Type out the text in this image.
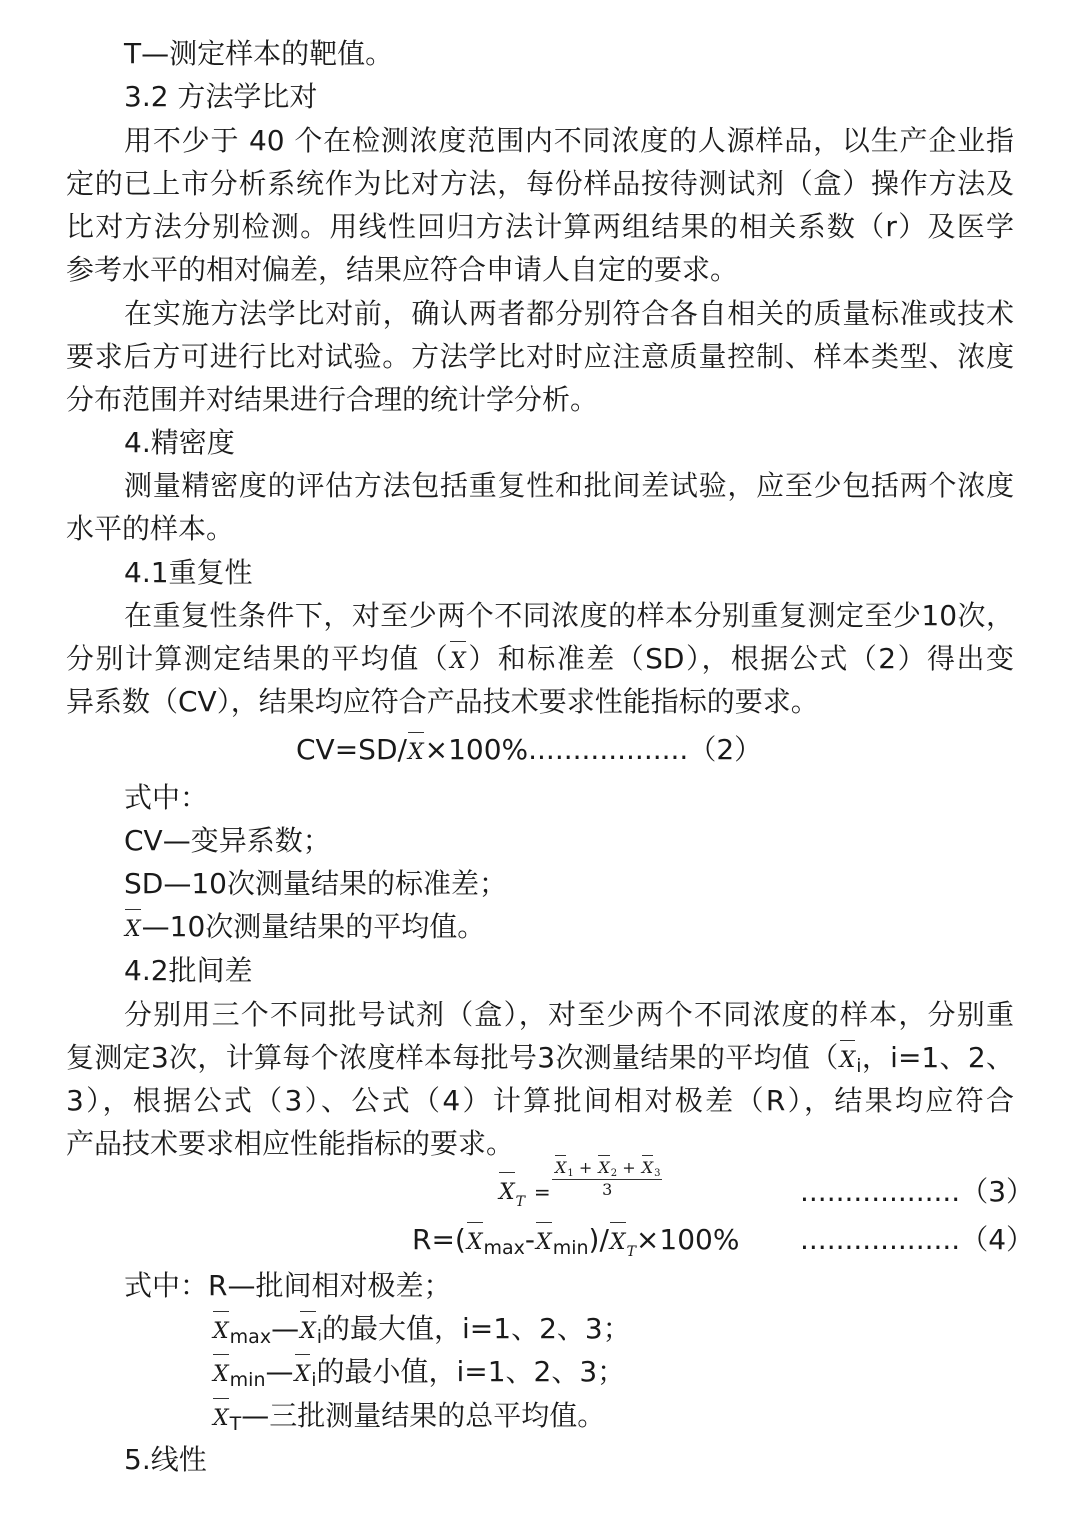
T—测定样本的靶值。
3.2 方法学比对
用不少于 40 个在检测浓度范围内不同浓度的人源样品，以生产企业指
定的已上市分析系统作为比对方法，每份样品按待测试剂（盒）操作方法及
比对方法分别检测。用线性回归方法计算两组结果的相关系数（r）及医学
参考水平的相对偏差，结果应符合申请人自定的要求。
在实施方法学比对前，确认两者都分别符合各自相关的质量标准或技术
要求后方可进行比对试验。方法学比对时应注意质量控制、样本类型、浓度
分布范围并对结果进行合理的统计学分析。
4.精密度
测量精密度的评估方法包括重复性和批间差试验，应至少包括两个浓度
水平的样本。
4.1重复性
在重复性条件下，对至少两个不同浓度的样本分别重复测定至少10次，
分别计算测定结果的平均值（X）和标准差（SD），根据公式（2）得出变
异系数（CV），结果均应符合产品技术要求性能指标的要求。
CV=SD/X×100%..................（2）
式中：
CV—变异系数；
SD—10次测量结果的标准差；
X—10次测量结果的平均值。
4.2批间差
分别用三个不同批号试剂（盒），对至少两个不同浓度的样本，分别重
复测定3次，计算每个浓度样本每批号3次测量结果的平均值（$X_i$，i=1、2、
3），根据公式（3）、公式（4）计算批间相对极差（R），结果均应符合
产品技术要求相应性能指标的要求。
$X_T = \frac{X1 + X2 + X3}{3}$	..................（3）
$R=(X_{max}-X_{min})/X_T\times 100\%$ ..................（4）
式中：R—批间相对极差；
$X_{max}—X_i$的最大值，i=1、2、3；
$X_{min}—X_i$的最小值，i=1、2、3；
$X_T—$三批测量结果的总平均值。
5.线性
